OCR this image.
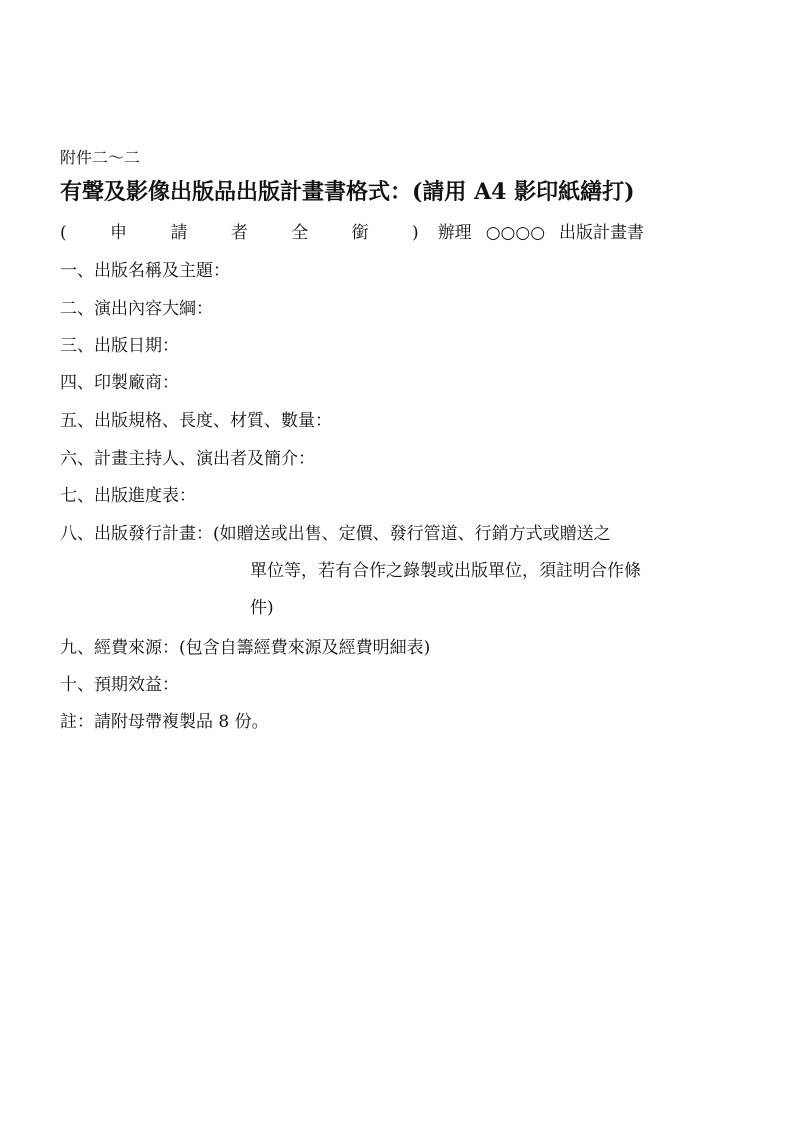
附件二～二
有聲及影像出版品出版計畫書格式：(請用 A4 影印紙繕打)
( 申 請 者 全 銜 )辦理 ○○○○ 出版計畫書
一、出版名稱及主題：
二、演出內容大綱：
三、出版日期：
四、印製廠商：
五、出版規格、長度、材質、數量：
六、計畫主持人、演出者及簡介：
七、出版進度表：
八、出版發行計畫：(如贈送或出售、定價、發行管道、行銷方式或贈送之
單位等，若有合作之錄製或出版單位，須註明合作條
件)
九、經費來源：(包含自籌經費來源及經費明細表)
十、預期效益：
註：請附母帶複製品 8 份。
